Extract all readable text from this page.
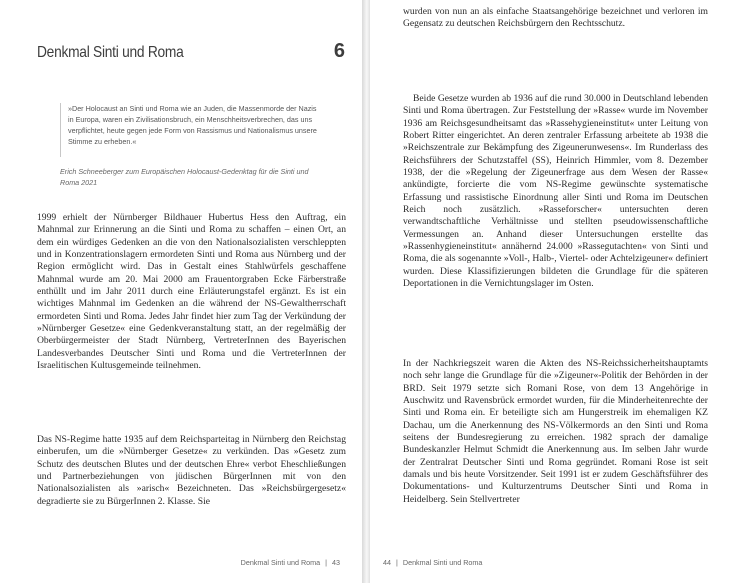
Denkmal Sinti und Roma	6
»Der Holocaust an Sinti und Roma wie an Juden, die Massenmorde der Nazis in Europa, waren ein Zivilisationsbruch, ein Menschheitsverbrechen, das uns verpflichtet, heute gegen jede Form von Rassismus und Nationalismus unsere Stimme zu erheben.«
Erich Schneeberger zum Europäischen Holocaust-Gedenktag für die Sinti und Roma 2021

1999 erhielt der Nürnberger Bildhauer Hubertus Hess den Auftrag, ein Mahnmal zur Erinnerung an die Sinti und Roma zu schaffen – einen Ort, an dem ein würdiges Gedenken an die von den Nationalsozialisten verschleppten und in Konzentrationslagern ermordeten Sinti und Roma aus Nürnberg und der Region ermöglicht wird. Das in Gestalt eines Stahlwürfels geschaffene Mahnmal wurde am 20. Mai 2000 am Frauentorgraben Ecke Färberstraße enthüllt und im Jahr 2011 durch eine Erläuterungstafel ergänzt. Es ist ein wichtiges Mahnmal im Gedenken an die während der NS-Gewaltherrschaft ermordeten Sinti und Roma. Jedes Jahr findet hier zum Tag der Verkündung der »Nürnberger Gesetze« eine Gedenkveranstaltung statt, an der regelmäßig der Oberbürgermeister der Stadt Nürnberg, VertreterInnen des Bayerischen Landesverbandes Deutscher Sinti und Roma und die VertreterInnen der Israelitischen Kultusgemeinde teilnehmen.

Das NS-Regime hatte 1935 auf dem Reichsparteitag in Nürnberg den Reichstag einberufen, um die »Nürnberger Gesetze« zu verkünden. Das »Gesetz zum Schutz des deutschen Blutes und der deutschen Ehre« verbot Eheschließungen und Partnerbeziehungen von jüdischen BürgerInnen mit von den Nationalsozialisten als »arisch« Bezeichneten. Das »Reichsbürgergesetz« degradierte sie zu BürgerInnen 2. Klasse. Sie

Denkmal Sinti und Roma | 43

wurden von nun an als einfache Staatsangehörige bezeichnet und verloren im Gegensatz zu deutschen Reichsbürgern den Rechtsschutz.

Beide Gesetze wurden ab 1936 auf die rund 30.000 in Deutschland lebenden Sinti und Roma übertragen. Zur Feststellung der »Rasse« wurde im November 1936 am Reichsgesundheitsamt das »Rassehygieneinstitut« unter Leitung von Robert Ritter eingerichtet. An deren zentraler Erfassung arbeitete ab 1938 die »Reichszentrale zur Bekämpfung des Zigeunerunwesens«. Im Runderlass des Reichsführers der Schutzstaffel (SS), Heinrich Himmler, vom 8. Dezember 1938, der die »Regelung der Zigeunerfrage aus dem Wesen der Rasse« ankündigte, forcierte die vom NS-Regime gewünschte systematische Erfassung und rassistische Einordnung aller Sinti und Roma im Deutschen Reich noch zusätzlich. »Rasseforscher« untersuchten deren verwandtschaftliche Verhältnisse und stellten pseudowissenschaftliche Vermessungen an. Anhand dieser Untersuchungen erstellte das »Rassenhygieneinstitut« annähernd 24.000 »Rassegutachten« von Sinti und Roma, die als sogenannte »Voll-, Halb-, Viertel- oder Achtelzigeuner« definiert wurden. Diese Klassifizierungen bildeten die Grundlage für die späteren Deportationen in die Vernichtungslager im Osten.

In der Nachkriegszeit waren die Akten des NS-Reichssicherheitshauptamts noch sehr lange die Grundlage für die »Zigeuner«-Politik der Behörden in der BRD. Seit 1979 setzte sich Romani Rose, von dem 13 Angehörige in Auschwitz und Ravensbrück ermordet wurden, für die Minderheitenrechte der Sinti und Roma ein. Er beteiligte sich am Hungerstreik im ehemaligen KZ Dachau, um die Anerkennung des NS-Völkermords an den Sinti und Roma seitens der Bundesregierung zu erreichen. 1982 sprach der damalige Bundeskanzler Helmut Schmidt die Anerkennung aus. Im selben Jahr wurde der Zentralrat Deutscher Sinti und Roma gegründet. Romani Rose ist seit damals und bis heute Vorsitzender. Seit 1991 ist er zudem Geschäftsführer des Dokumentations- und Kulturzentrums Deutscher Sinti und Roma in Heidelberg. Sein Stellvertreter

44 | Denkmal Sinti und Roma
